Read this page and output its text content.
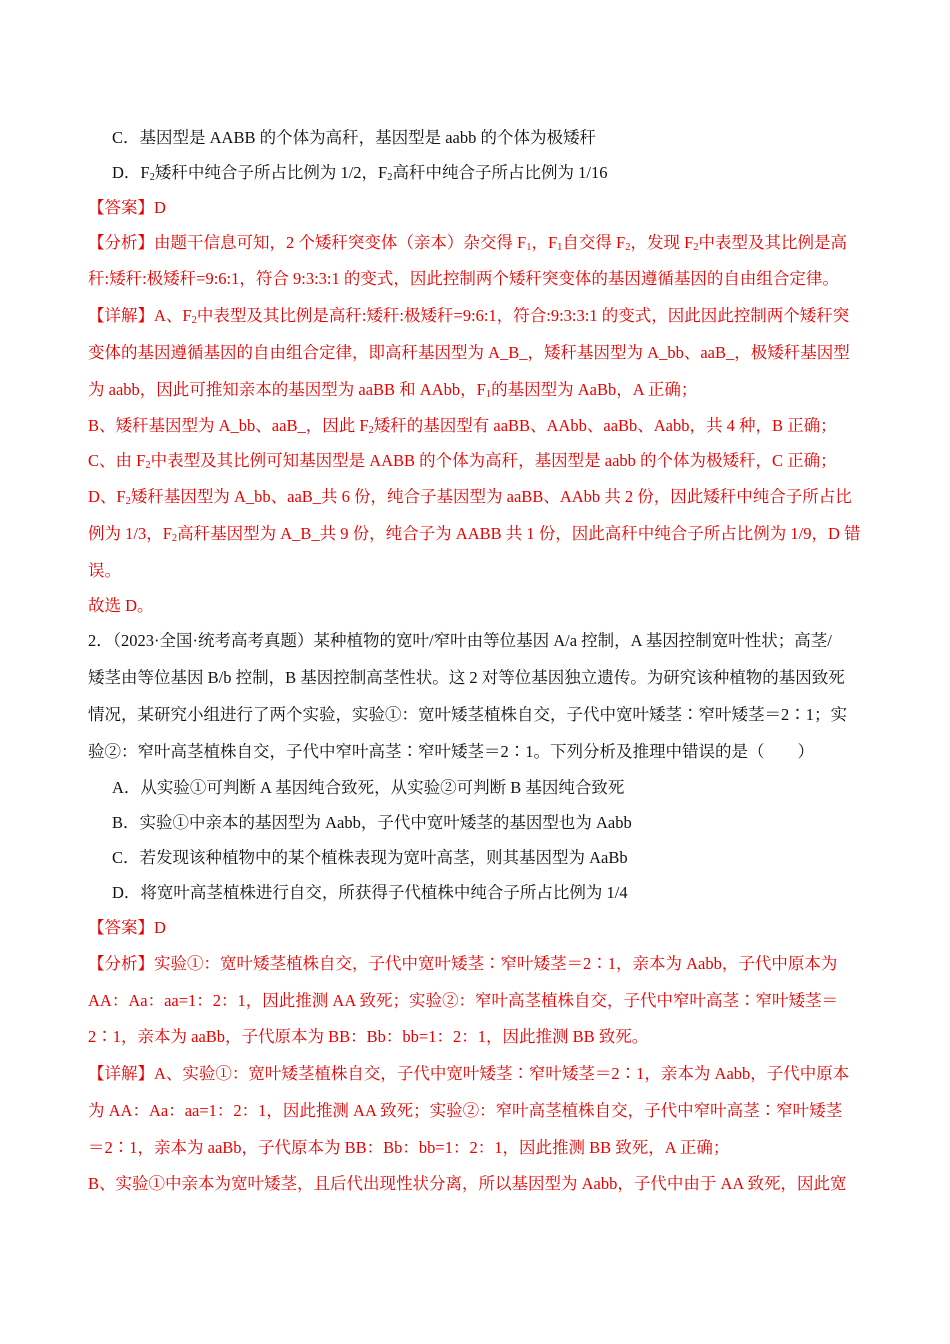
C．基因型是 AABB 的个体为高秆，基因型是 aabb 的个体为极矮秆
D．$F_2$矮秆中纯合子所占比例为 1/2，$F_2$高秆中纯合子所占比例为 1/16
【答案】D
【分析】由题干信息可知，2 个矮秆突变体（亲本）杂交得 $F_1$，$F_1$自交得 $F_2$，发现 $F_2$中表型及其比例是高
秆:矮秆:极矮秆=9:6:1，符合 9:3:3:1 的变式，因此控制两个矮秆突变体的基因遵循基因的自由组合定律。
【详解】A、$F_2$中表型及其比例是高秆:矮秆:极矮秆=9:6:1，符合:9:3:3:1 的变式，因此因此控制两个矮秆突
变体的基因遵循基因的自由组合定律，即高秆基因型为 A_B_，矮秆基因型为 A_bb、aaB_，极矮秆基因型
为 aabb，因此可推知亲本的基因型为 aaBB 和 AAbb，$F_1$的基因型为 AaBb，A 正确；
B、矮秆基因型为 A_bb、aaB_，因此 $F_2$矮秆的基因型有 aaBB、AAbb、aaBb、Aabb，共 4 种，B 正确；
C、由 $F_2$中表型及其比例可知基因型是 AABB 的个体为高秆，基因型是 aabb 的个体为极矮秆，C 正确；
D、$F_2$矮秆基因型为 A_bb、aaB_共 6 份，纯合子基因型为 aaBB、AAbb 共 2 份，因此矮秆中纯合子所占比
例为 1/3，$F_2$高秆基因型为 A_B_共 9 份，纯合子为 AABB 共 1 份，因此高秆中纯合子所占比例为 1/9，D 错
误。
故选 D。
2．（2023·全国·统考高考真题）某种植物的宽叶/窄叶由等位基因 A/a 控制，A 基因控制宽叶性状；高茎/
矮茎由等位基因 B/b 控制，B 基因控制高茎性状。这 2 对等位基因独立遗传。为研究该种植物的基因致死
情况，某研究小组进行了两个实验，实验①：宽叶矮茎植株自交，子代中宽叶矮茎∶窄叶矮茎＝2∶1；实
验②：窄叶高茎植株自交，子代中窄叶高茎∶窄叶矮茎＝2∶1。下列分析及推理中错误的是（　　）
A．从实验①可判断 A 基因纯合致死，从实验②可判断 B 基因纯合致死
B．实验①中亲本的基因型为 Aabb，子代中宽叶矮茎的基因型也为 Aabb
C．若发现该种植物中的某个植株表现为宽叶高茎，则其基因型为 AaBb
D．将宽叶高茎植株进行自交，所获得子代植株中纯合子所占比例为 1/4
【答案】D
【分析】实验①：宽叶矮茎植株自交，子代中宽叶矮茎∶窄叶矮茎＝2∶1，亲本为 Aabb，子代中原本为
AA：Aa：aa=1：2：1，因此推测 AA 致死；实验②：窄叶高茎植株自交，子代中窄叶高茎∶窄叶矮茎＝
2∶1，亲本为 aaBb，子代原本为 BB：Bb：bb=1：2：1，因此推测 BB 致死。
【详解】A、实验①：宽叶矮茎植株自交，子代中宽叶矮茎∶窄叶矮茎＝2∶1，亲本为 Aabb，子代中原本
为 AA：Aa：aa=1：2：1，因此推测 AA 致死；实验②：窄叶高茎植株自交，子代中窄叶高茎∶窄叶矮茎
＝2∶1，亲本为 aaBb，子代原本为 BB：Bb：bb=1：2：1，因此推测 BB 致死，A 正确；
B、实验①中亲本为宽叶矮茎，且后代出现性状分离，所以基因型为 Aabb，子代中由于 AA 致死，因此宽
